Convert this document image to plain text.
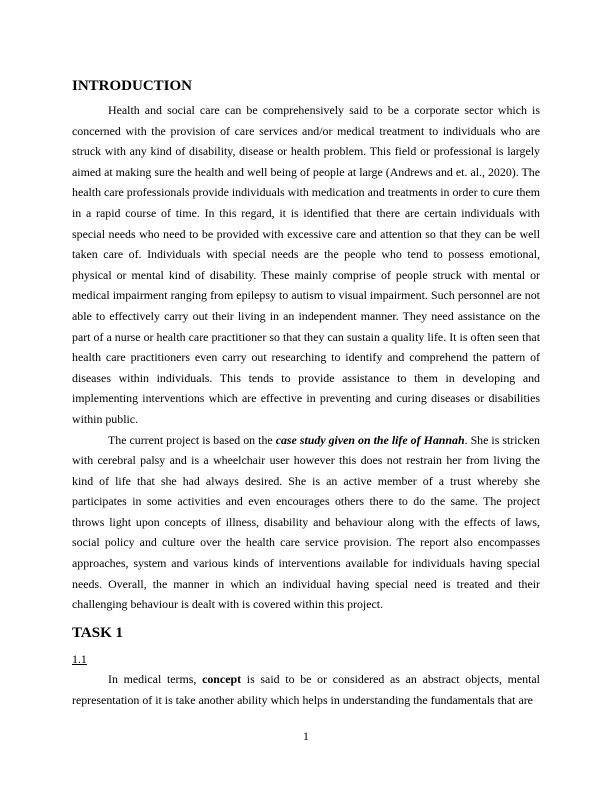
INTRODUCTION

Health and social care can be comprehensively said to be a corporate sector which is concerned with the provision of care services and/or medical treatment to individuals who are struck with any kind of disability, disease or health problem. This field or professional is largely aimed at making sure the health and well being of people at large (Andrews and et. al., 2020). The health care professionals provide individuals with medication and treatments in order to cure them in a rapid course of time. In this regard, it is identified that there are certain individuals with special needs who need to be provided with excessive care and attention so that they can be well taken care of. Individuals with special needs are the people who tend to possess emotional, physical or mental kind of disability. These mainly comprise of people struck with mental or medical impairment ranging from epilepsy to autism to visual impairment. Such personnel are not able to effectively carry out their living in an independent manner. They need assistance on the part of a nurse or health care practitioner so that they can sustain a quality life. It is often seen that health care practitioners even carry out researching to identify and comprehend the pattern of diseases within individuals. This tends to provide assistance to them in developing and implementing interventions which are effective in preventing and curing diseases or disabilities within public.

The current project is based on the case study given on the life of Hannah. She is stricken with cerebral palsy and is a wheelchair user however this does not restrain her from living the kind of life that she had always desired. She is an active member of a trust whereby she participates in some activities and even encourages others there to do the same. The project throws light upon concepts of illness, disability and behaviour along with the effects of laws, social policy and culture over the health care service provision. The report also encompasses approaches, system and various kinds of interventions available for individuals having special needs. Overall, the manner in which an individual having special need is treated and their challenging behaviour is dealt with is covered within this project.

TASK 1

1.1

In medical terms, concept is said to be or considered as an abstract objects, mental representation of it is take another ability which helps in understanding the fundamentals that are

1
